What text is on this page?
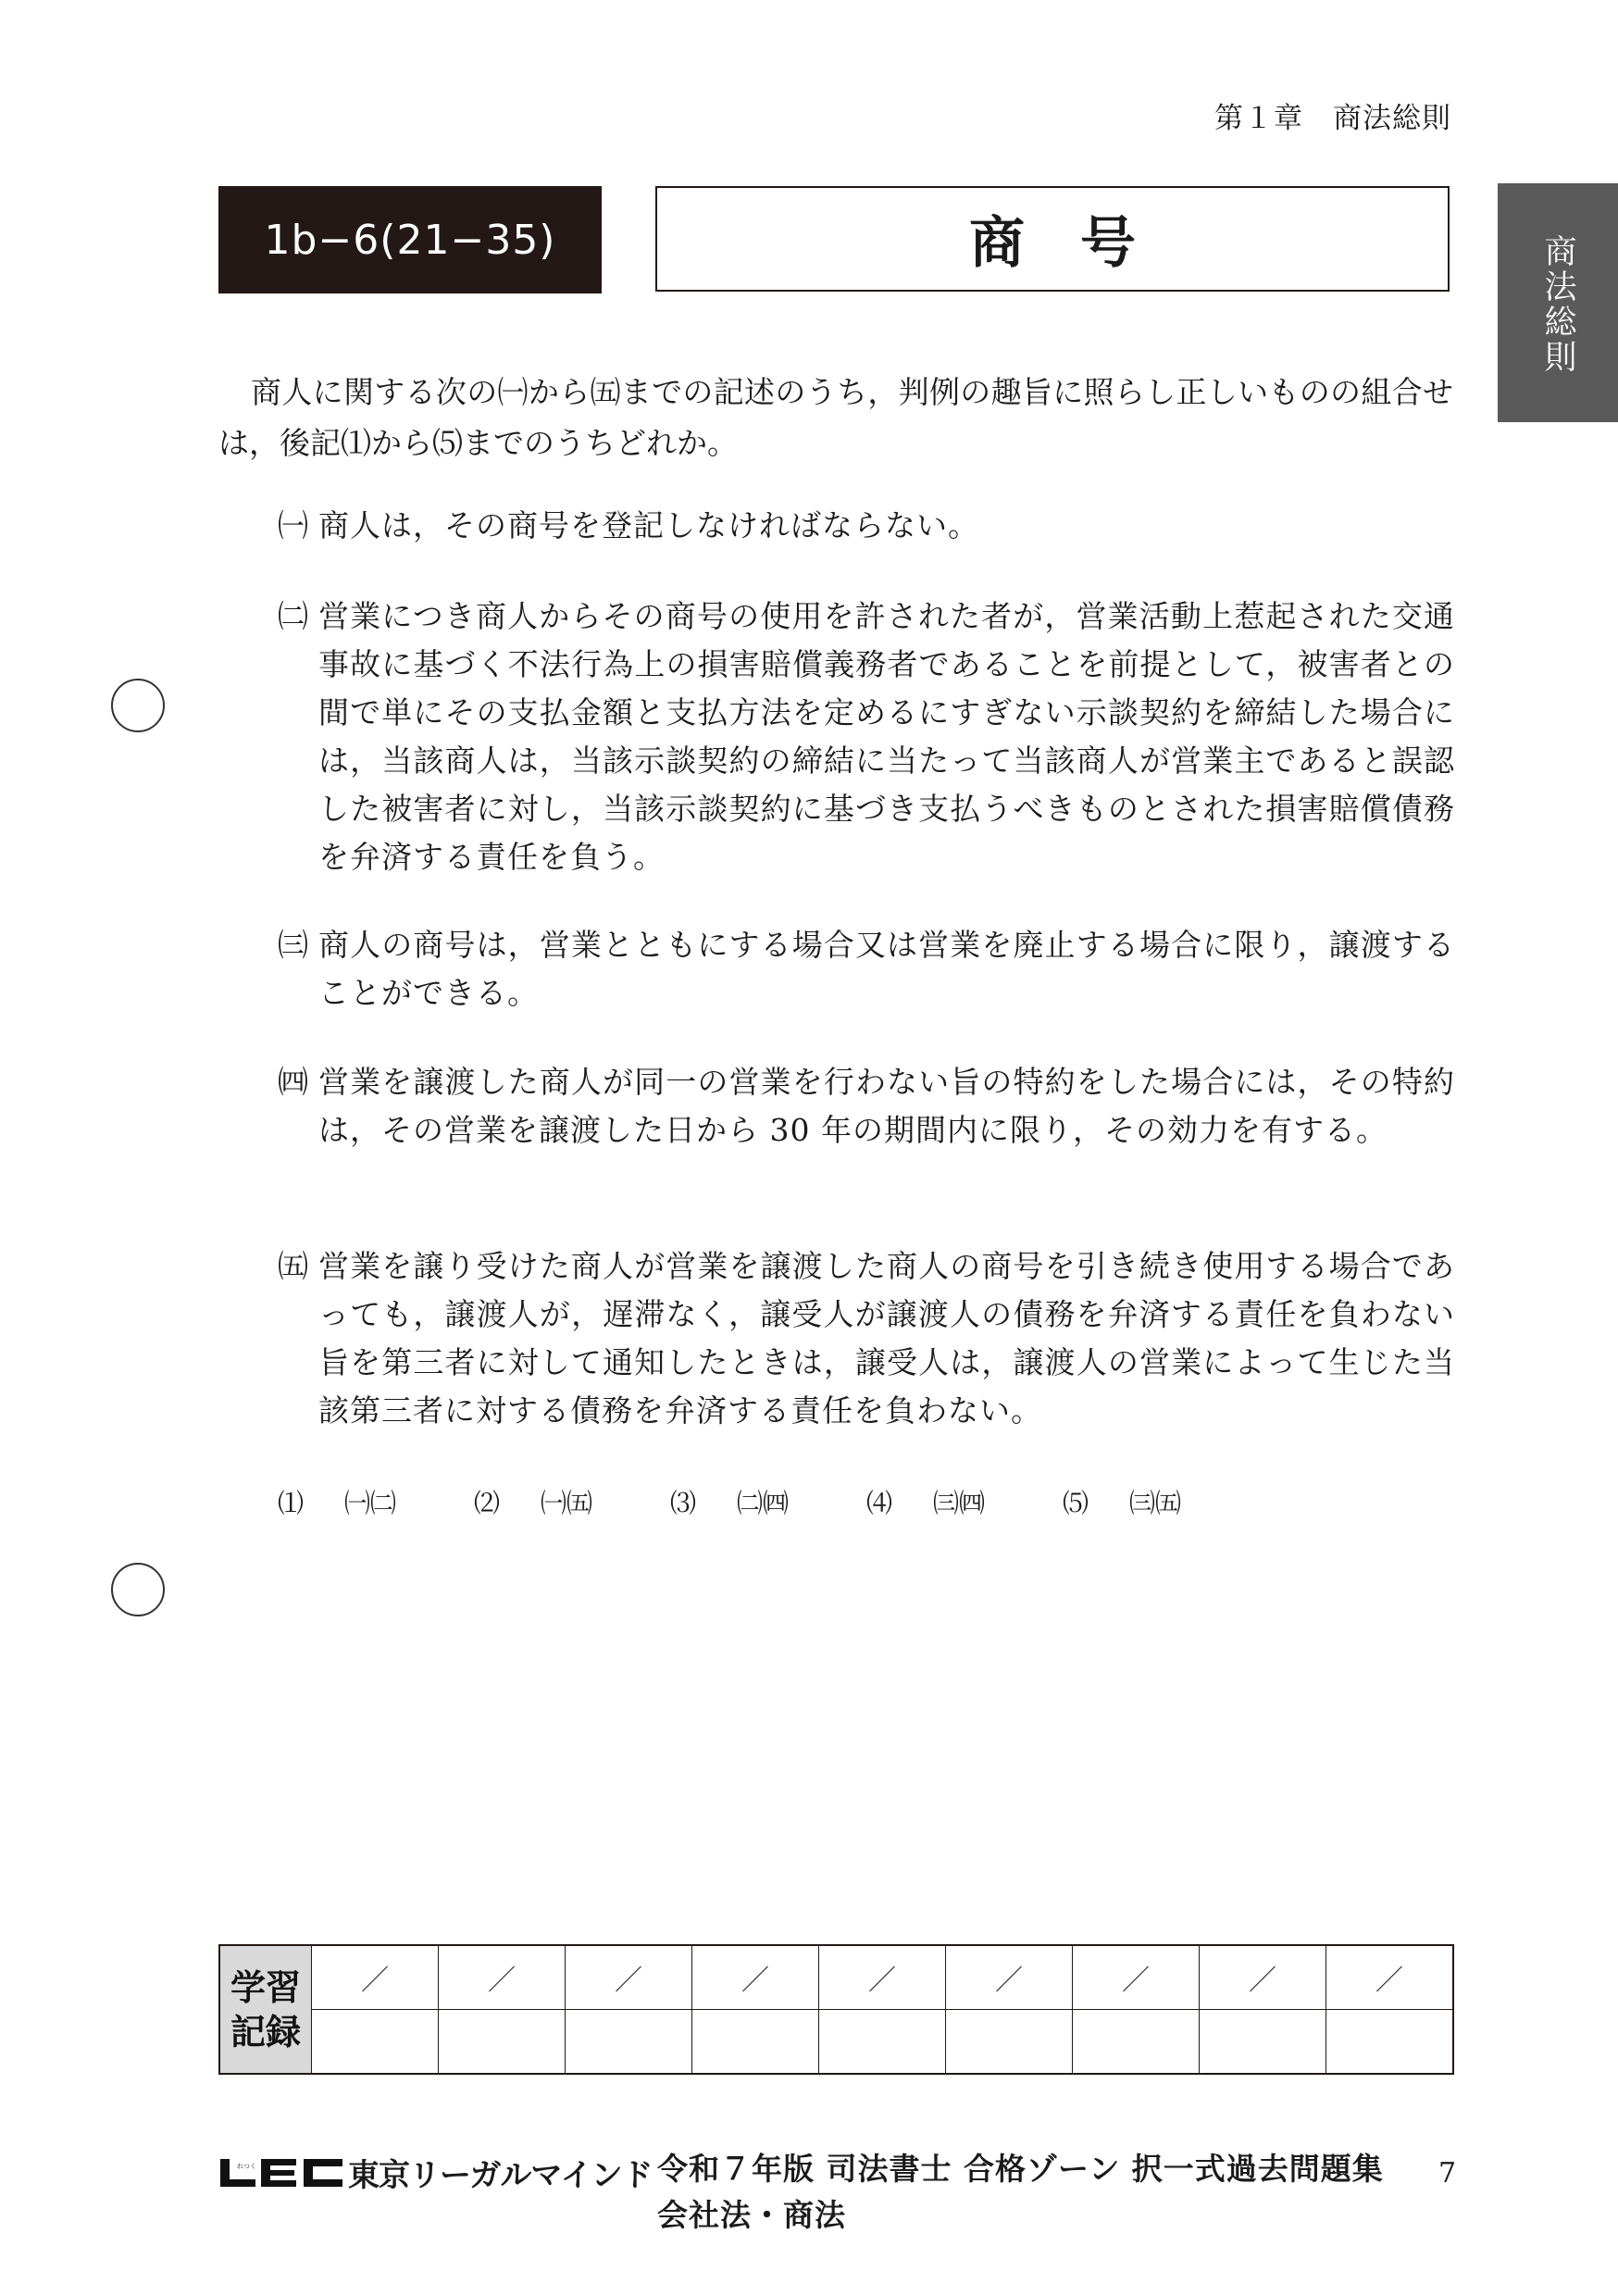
第１章　商法総則
1b−6(21−35)	商号	商法総則
商人に関する次の㈠から㈤までの記述のうち，判例の趣旨に照らし正しいものの組合せは，後記⑴から⑸までのうちどれか。
㈠ 商人は，その商号を登記しなければならない。
㈡ 営業につき商人からその商号の使用を許された者が，営業活動上惹起された交通事故に基づく不法行為上の損害賠償義務者であることを前提として，被害者との間で単にその支払金額と支払方法を定めるにすぎない示談契約を締結した場合には，当該商人は，当該示談契約の締結に当たって当該商人が営業主であると誤認した被害者に対し，当該示談契約に基づき支払うべきものとされた損害賠償債務を弁済する責任を負う。
㈢ 商人の商号は，営業とともにする場合又は営業を廃止する場合に限り，譲渡することができる。
㈣ 営業を譲渡した商人が同一の営業を行わない旨の特約をした場合には，その特約は，その営業を譲渡した日から 30 年の期間内に限り，その効力を有する。
㈤ 営業を譲り受けた商人が営業を譲渡した商人の商号を引き続き使用する場合であっても，譲渡人が，遅滞なく，譲受人が譲渡人の債務を弁済する責任を負わない旨を第三者に対して通知したときは，譲受人は，譲渡人の営業によって生じた当該第三者に対する債務を弁済する責任を負わない。
⑴ ㈠㈡	⑵ ㈠㈤	⑶ ㈡㈣	⑷ ㈢㈣	⑸ ㈢㈤
学習
記録	／	／	／	／	／	／	／	／	／

れつく	東京リーガルマインド 令和７年版 司法書士 合格ゾーン 択一式過去問題集
会社法・商法
7
